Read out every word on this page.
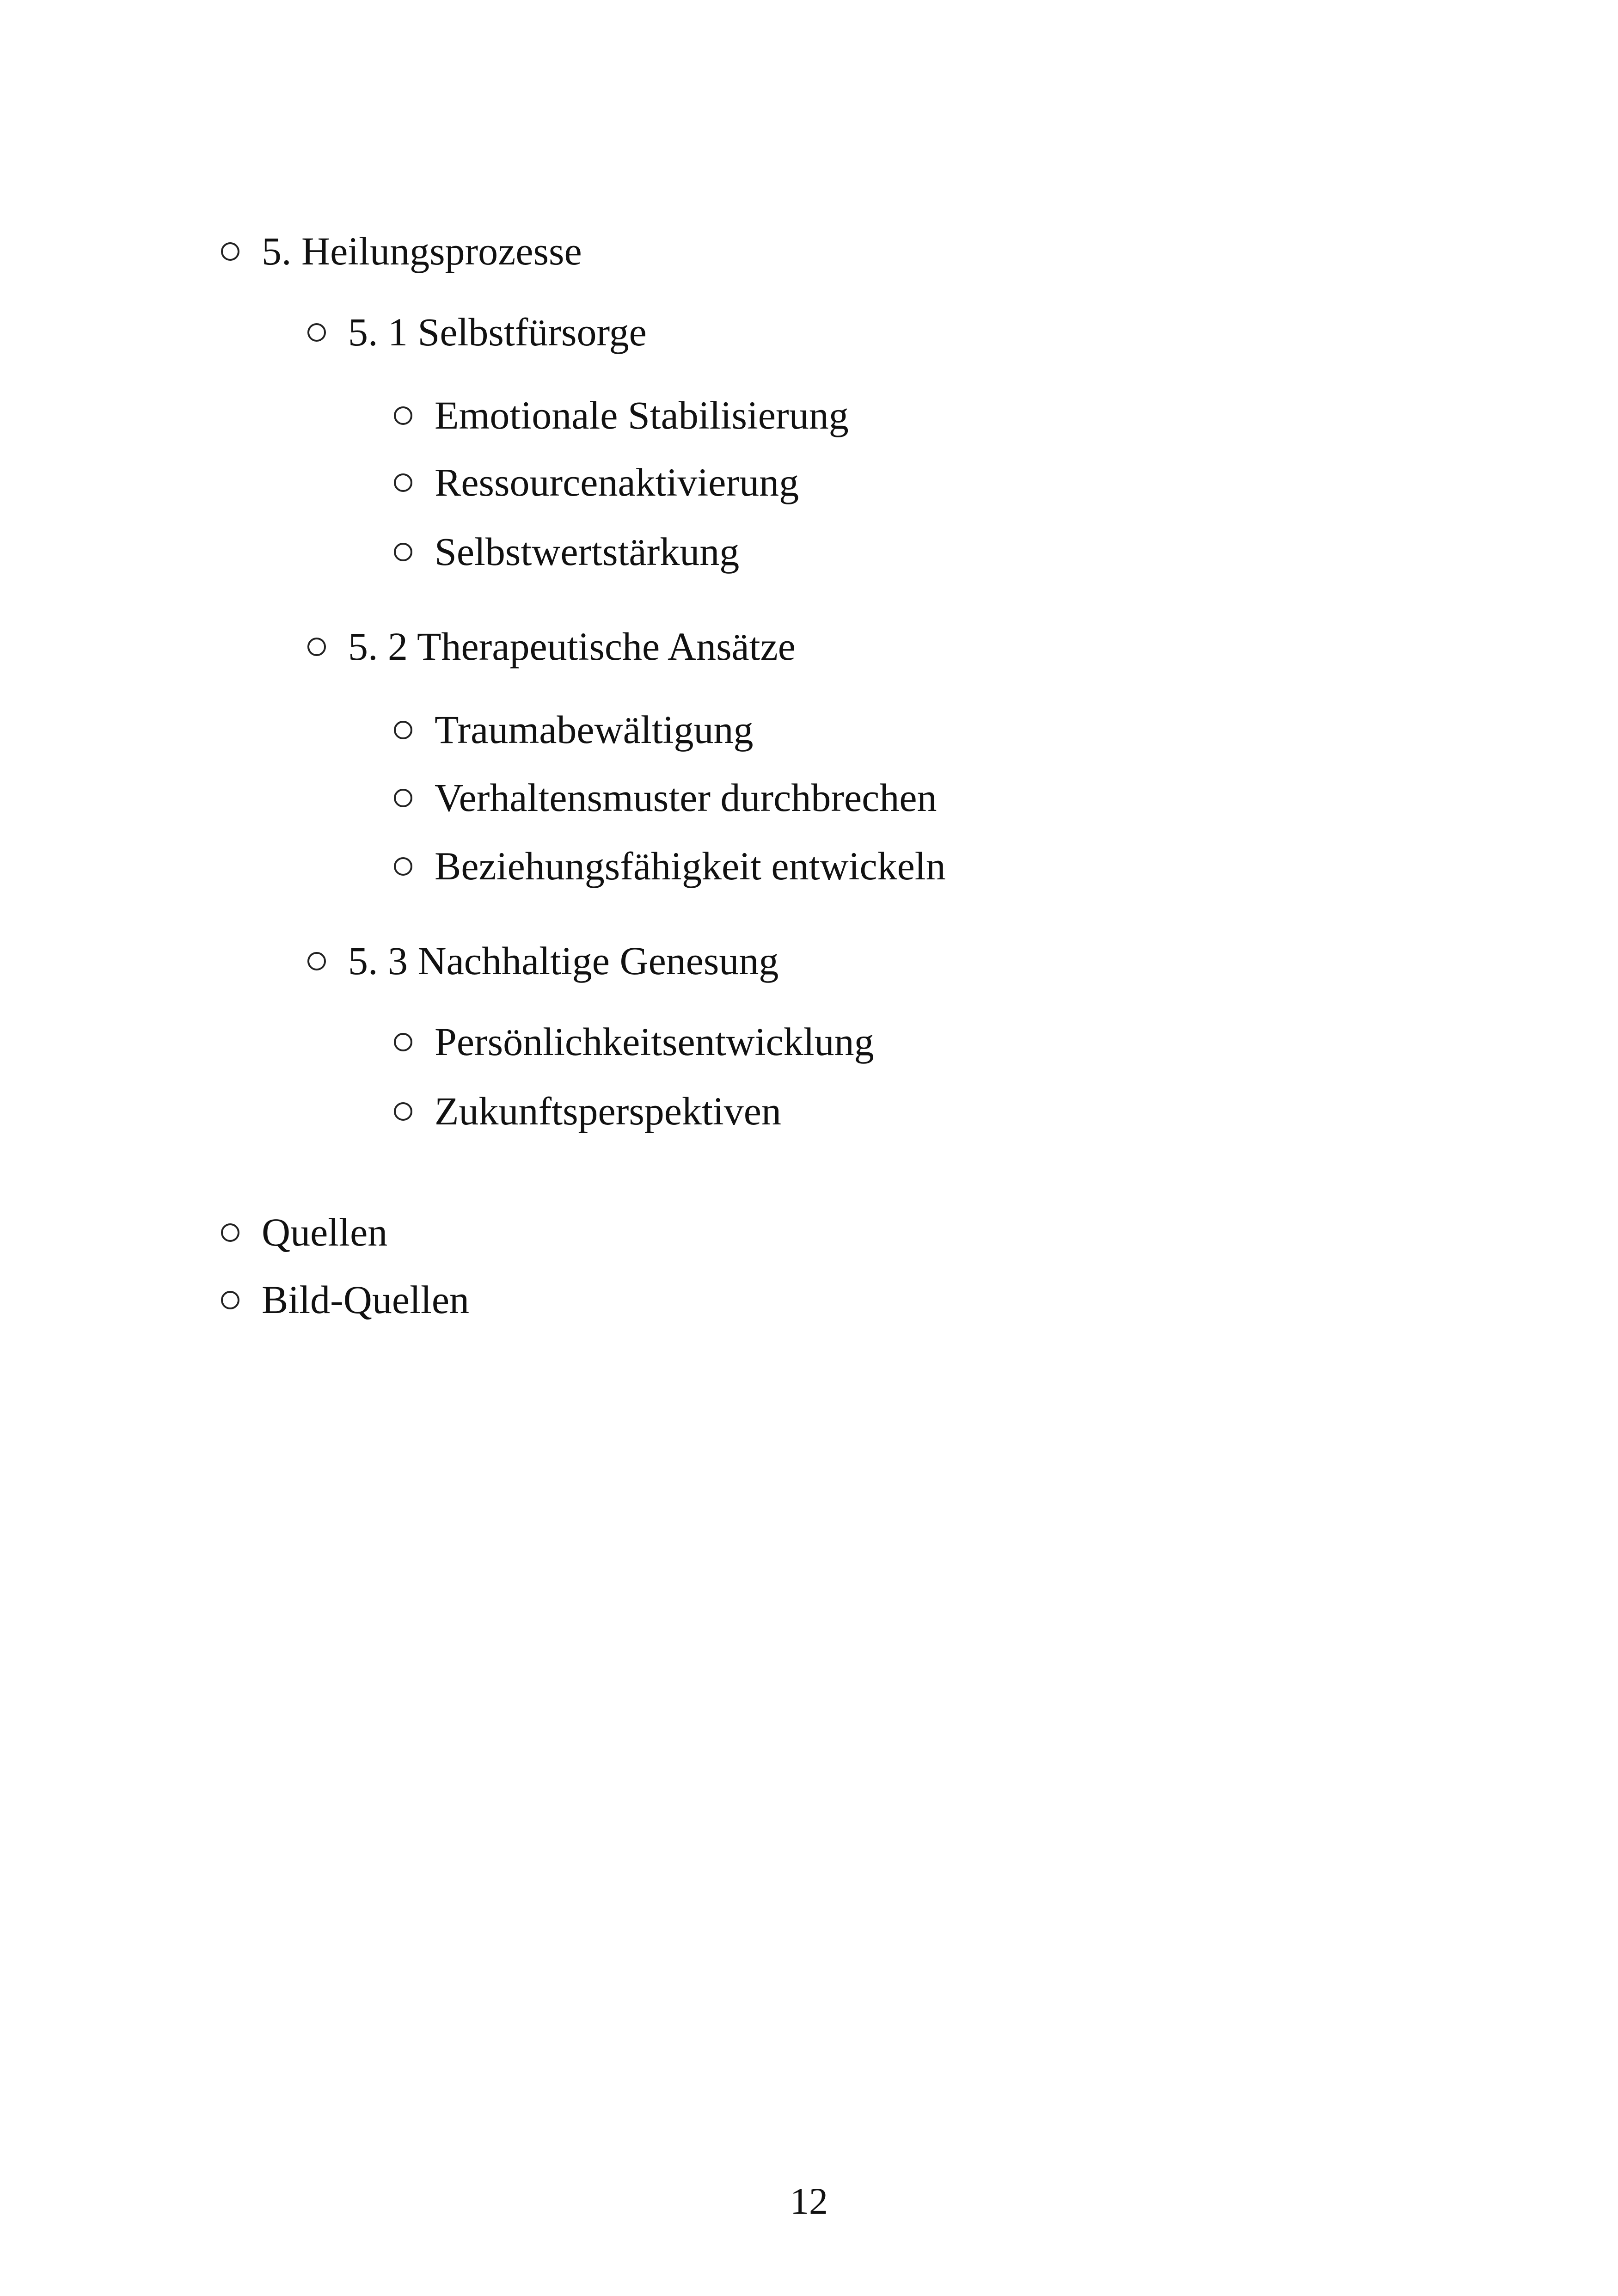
5. Heilungsprozesse
5. 1 Selbstfürsorge
Emotionale Stabilisierung
Ressourcenaktivierung
Selbstwertstärkung
5. 2 Therapeutische Ansätze
Traumabewältigung
Verhaltensmuster durchbrechen
Beziehungsfähigkeit entwickeln
5. 3 Nachhaltige Genesung
Persönlichkeitsentwicklung
Zukunftsperspektiven
Quellen
Bild-Quellen
12
